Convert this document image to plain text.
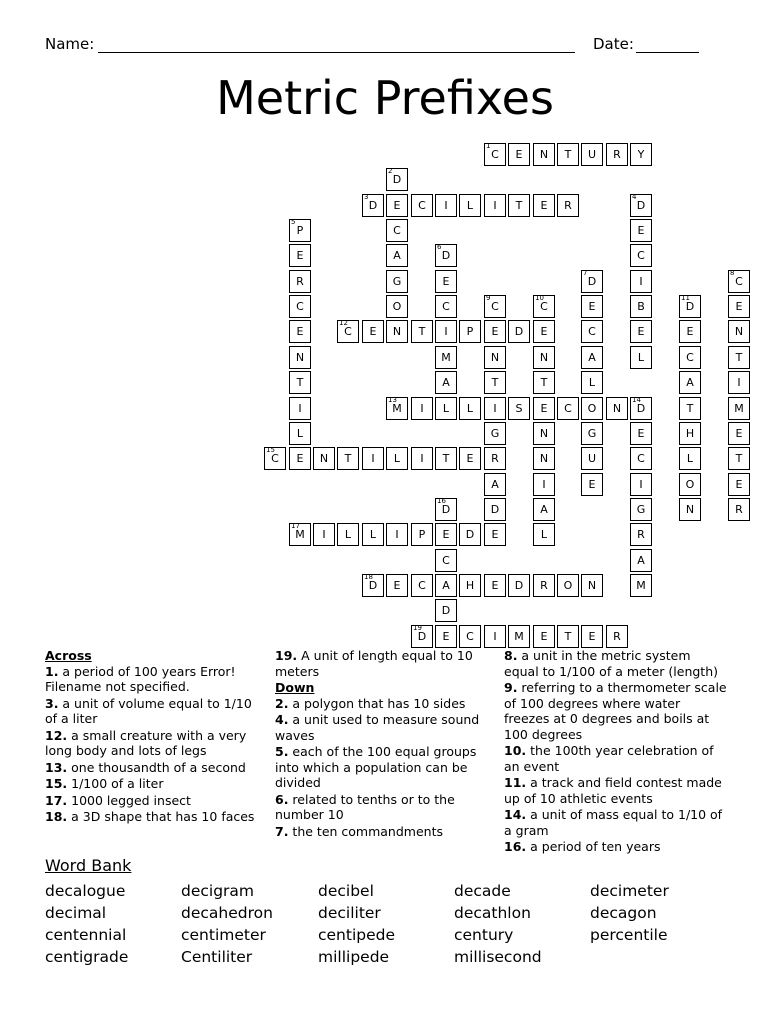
Name:	Date:
Metric Prefixes
1
C	E	N	T	U	R	Y
2
D
E
C
A
G
O
N
3
D	C	I	L	I	T	E	R
4
D
E
C
I
B
E
L
5
P
E
R
C
E
N
T
I
L
E
6
D
E
C
I
M
A
L
7
D
E
C
A
L
O
G
U
E
8
C
E
N
T
I
M
E
T
E
R
9
C
E
N
T
I
G
R
A
D
E
10
C
E
N
T
E
N
N
I
A
L
11
D
E
C
A
T
H
L
O
N
12
C	E	T	P	D
13
M	I	L	S	C	N
14
D
E
C
I
G
R
A
M
15
C	N	T	I	L	I	T	E
16
D
E
C
A
D
E
17
M	I	L	L	I	P	D
18
D	E	C	H	E	D	R	O	N
19
D	C	I	M	E	T	E	R
Across
1. a period of 100 years Error! Filename not specified.
3. a unit of volume equal to 1/10 of a liter
12. a small creature with a very long body and lots of legs
13. one thousandth of a second
15. 1/100 of a liter
17. 1000 legged insect
18. a 3D shape that has 10 faces
19. A unit of length equal to 10 meters
Down
2. a polygon that has 10 sides
4. a unit used to measure sound waves
5. each of the 100 equal groups into which a population can be divided
6. related to tenths or to the number 10
7. the ten commandments
8. a unit in the metric system equal to 1/100 of a meter (length)
9. referring to a thermometer scale of 100 degrees where water freezes at 0 degrees and boils at 100 degrees
10. the 100th year celebration of an event
11. a track and field contest made up of 10 athletic events
14. a unit of mass equal to 1/10 of a gram
16. a period of ten years
Word Bank
decalogue
decimal
centennial
centigrade
decigram
decahedron
centimeter
Centiliter
decibel
deciliter
centipede
millipede
decade
decathlon
century
millisecond
decimeter
decagon
percentile
